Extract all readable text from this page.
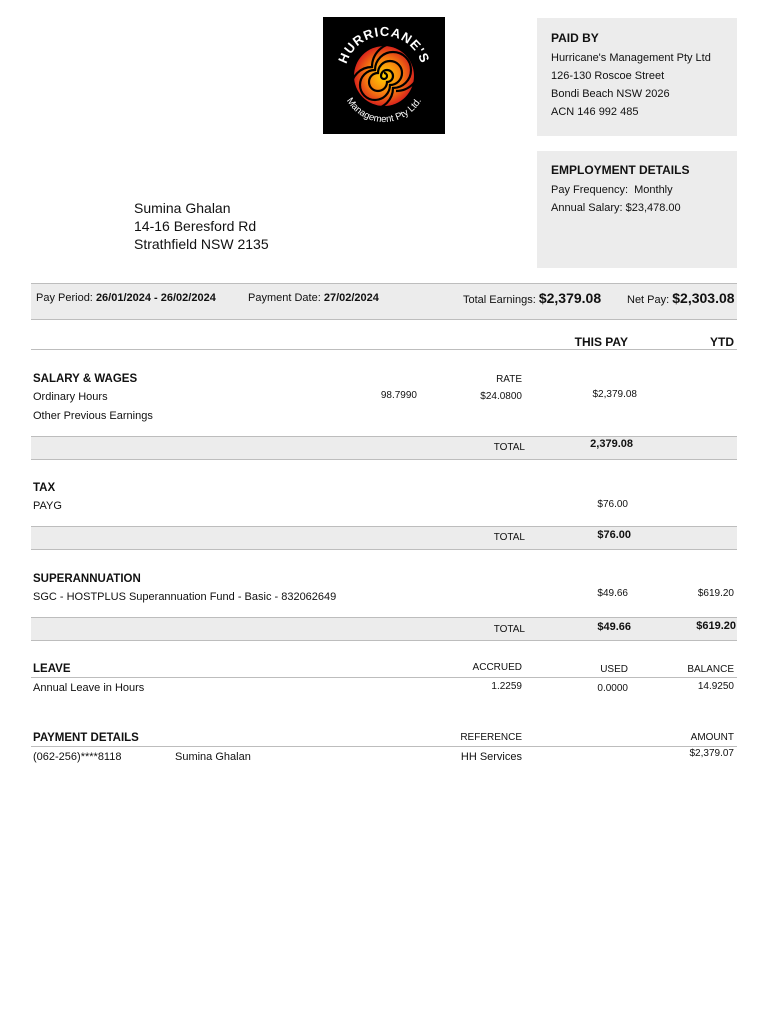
HURRICANE'S
Management Pty Ltd.
PAID BY
Hurricane's Management Pty Ltd
126-130 Roscoe Street
Bondi Beach NSW 2026
ACN 146 992 485
EMPLOYMENT DETAILS
Pay Frequency: Monthly
Annual Salary: $23,478.00
Sumina Ghalan
14-16 Beresford Rd
Strathfield NSW 2135
Pay Period: 26/01/2024 - 26/02/2024	Payment Date: 27/02/2024	Total Earnings: $2,379.08 Net Pay: $2,303.08
THIS PAY	YTD
SALARY & WAGES	RATE
Ordinary Hours	98.7990	$24.0800	$2,379.08
Other Previous Earnings
TOTAL	2,379.08
TAX
PAYG	$76.00
TOTAL	$76.00
SUPERANNUATION
SGC - HOSTPLUS Superannuation Fund - Basic - 832062649	$49.66	$619.20
TOTAL	$49.66	$619.20
LEAVE	ACCRUED	USED	BALANCE
Annual Leave in Hours	1.2259	0.0000	14.9250
PAYMENT DETAILS	REFERENCE	AMOUNT
(062-256)****8118	Sumina Ghalan	HH Services	$2,379.07
